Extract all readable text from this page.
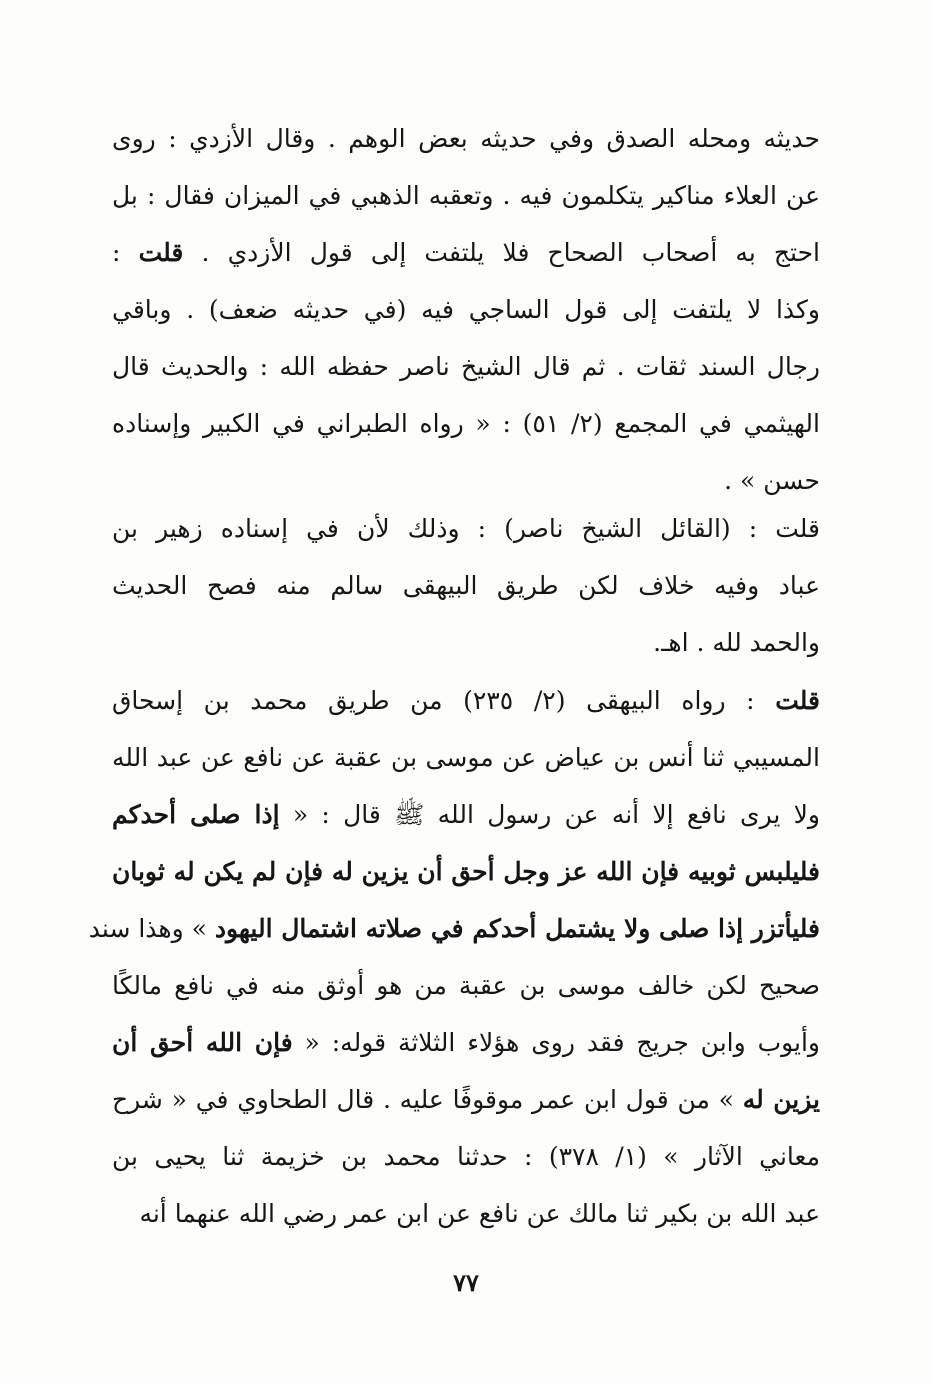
حديثه ومحله الصدق وفي حديثه بعض الوهم . وقال الأزدي : روى
عن العلاء مناكير يتكلمون فيه . وتعقبه الذهبي في الميزان فقال : بل
احتج به أصحاب الصحاح فلا يلتفت إلى قول الأزدي . قلت :
وكذا لا يلتفت إلى قول الساجي فيه (في حديثه ضعف) . وباقي
رجال السند ثقات . ثم قال الشيخ ناصر حفظه الله : والحديث قال
الهيثمي في المجمع (٢/ ٥١) : « رواه الطبراني في الكبير وإسناده
حسن » .
قلت : (القائل الشيخ ناصر) : وذلك لأن في إسناده زهير بن
عباد وفيه خلاف لكن طريق البيهقى سالم منه فصح الحديث
والحمد لله . اهـ.
قلت : رواه البيهقى (٢/ ٢٣٥) من طريق محمد بن إسحاق
المسيبي ثنا أنس بن عياض عن موسى بن عقبة عن نافع عن عبد الله
ولا يرى نافع إلا أنه عن رسول الله ﷺ قال : « إذا صلى أحدكم
فليلبس ثوبيه فإن الله عز وجل أحق أن يزين له فإن لم يكن له ثوبان
فليأتزر إذا صلى ولا يشتمل أحدكم في صلاته اشتمال اليهود » وهذا سند
صحيح لكن خالف موسى بن عقبة من هو أوثق منه في نافع مالكًا
وأيوب وابن جريج فقد روى هؤلاء الثلاثة قوله: « فإن الله أحق أن
يزين له » من قول ابن عمر موقوفًا عليه . قال الطحاوي في « شرح
معاني الآثار » (١/ ٣٧٨) : حدثنا محمد بن خزيمة ثنا يحيى بن
عبد الله بن بكير ثنا مالك عن نافع عن ابن عمر رضي الله عنهما أنه
٧٧
